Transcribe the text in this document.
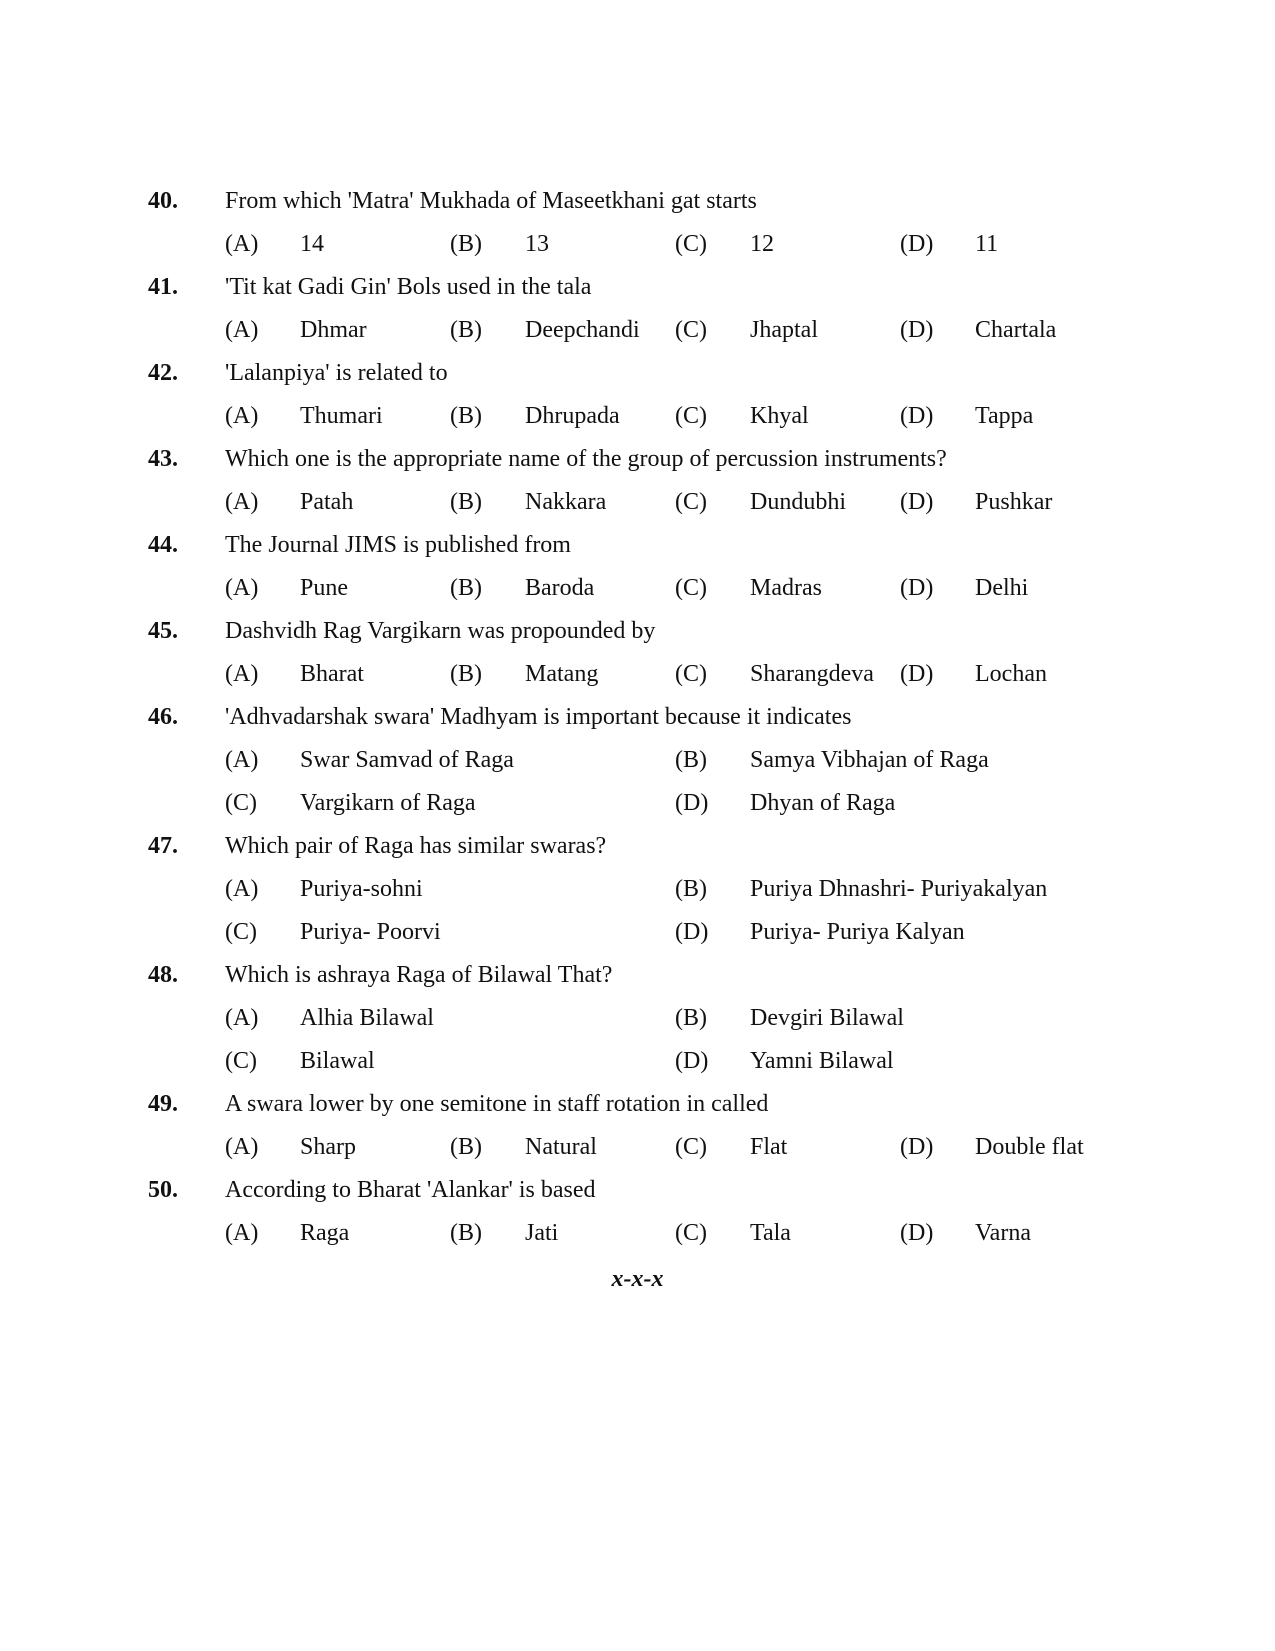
40. From which 'Matra' Mukhada of Maseetkhani gat starts
(A) 14	(B) 13	(C) 12	(D) 11
41. 'Tit kat Gadi Gin' Bols used in the tala
(A) Dhmar	(B) Deepchandi (C) Jhaptal	(D) Chartala
42. 'Lalanpiya' is related to
(A) Thumari	(B) Dhrupada (C) Khyal	(D) Tappa
43. Which one is the appropriate name of the group of percussion instruments?
(A) Patah	(B) Nakkara	(C) Dundubhi (D) Pushkar
44. The Journal JIMS is published from
(A) Pune	(B) Baroda	(C) Madras	(D) Delhi
45. Dashvidh Rag Vargikarn was propounded by
(A) Bharat	(B) Matang	(C) Sharangdeva (D) Lochan
46. 'Adhvadarshak swara' Madhyam is important because it indicates
(A) Swar Samvad of Raga	(B) Samya Vibhajan of Raga
(C) Vargikarn of Raga	(D) Dhyan of Raga
47. Which pair of Raga has similar swaras?
(A) Puriya-sohni	(B) Puriya Dhnashri- Puriyakalyan
(C) Puriya- Poorvi	(D) Puriya- Puriya Kalyan
48. Which is ashraya Raga of Bilawal That?
(A) Alhia Bilawal	(B) Devgiri Bilawal
(C) Bilawal	(D) Yamni Bilawal
49. A swara lower by one semitone in staff rotation in called
(A) Sharp	(B) Natural	(C) Flat	(D) Double flat
50. According to Bharat 'Alankar' is based
(A) Raga	(B) Jati	(C) Tala	(D) Varna
x-x-x
